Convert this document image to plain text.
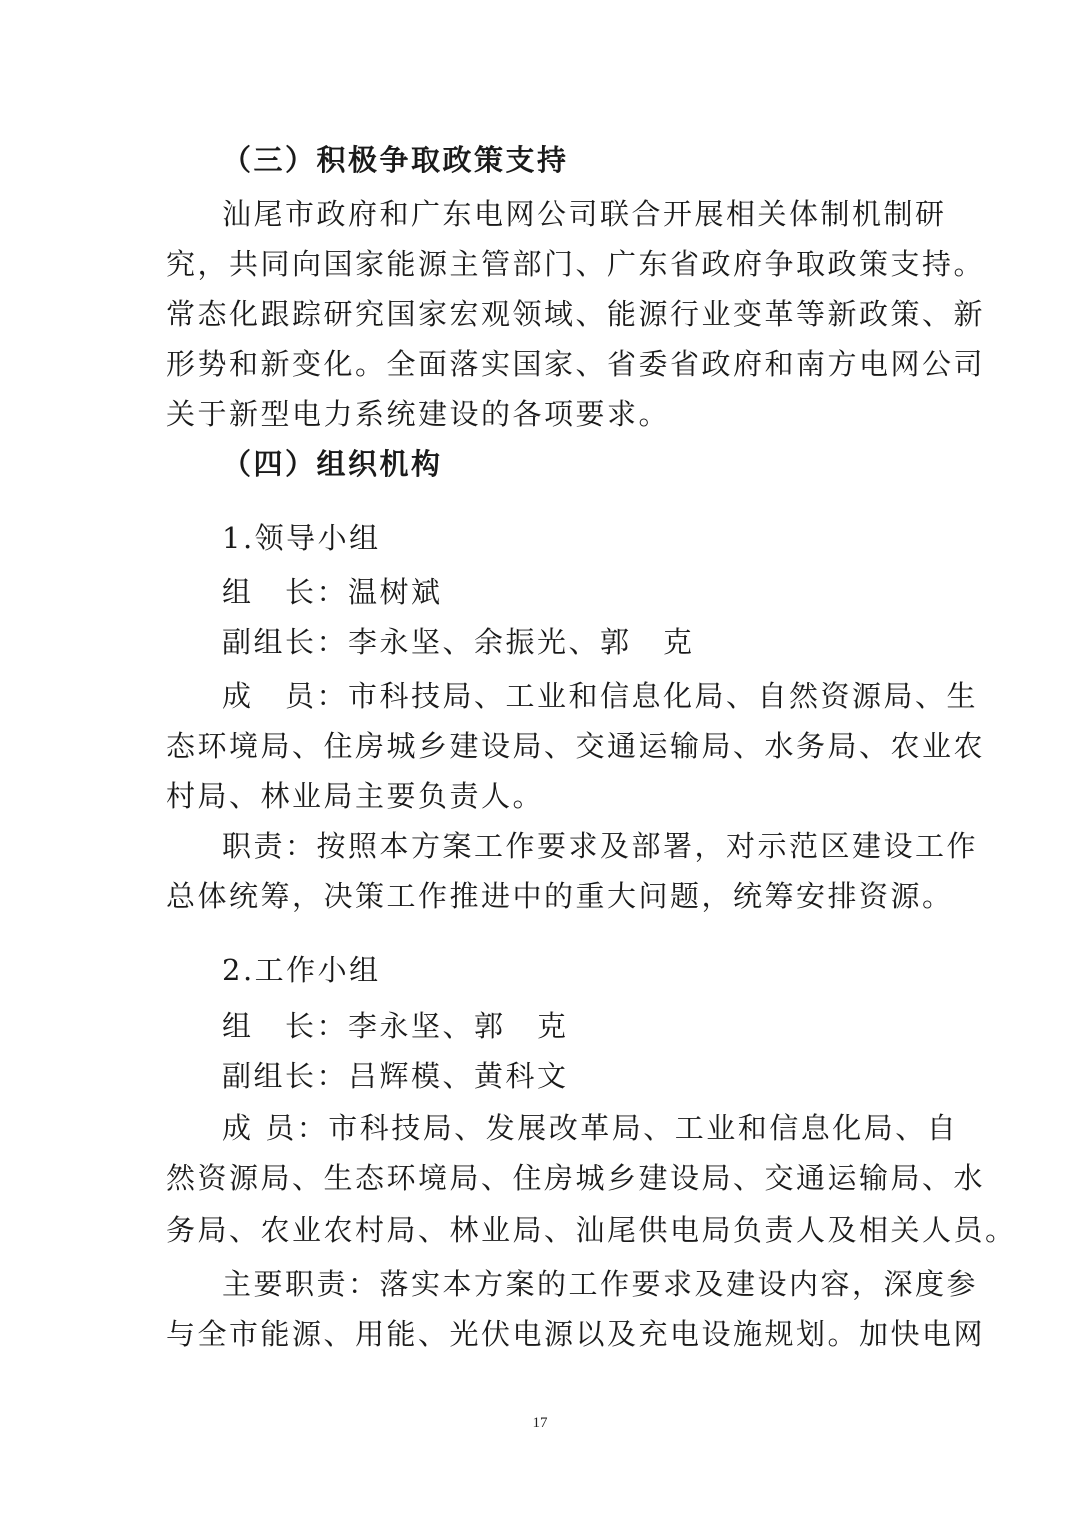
（三）积极争取政策支持
汕尾市政府和广东电网公司联合开展相关体制机制研
究，共同向国家能源主管部门、广东省政府争取政策支持。
常态化跟踪研究国家宏观领域、能源行业变革等新政策、新
形势和新变化。全面落实国家、省委省政府和南方电网公司
关于新型电力系统建设的各项要求。
（四）组织机构
1.领导小组
组　长：温树斌
副组长：李永坚、余振光、郭　克
成　员：市科技局、工业和信息化局、自然资源局、生
态环境局、住房城乡建设局、交通运输局、水务局、农业农
村局、林业局主要负责人。
职责：按照本方案工作要求及部署，对示范区建设工作
总体统筹，决策工作推进中的重大问题，统筹安排资源。
2.工作小组
组　长：李永坚、郭　克
副组长：吕辉模、黄科文
成 员：市科技局、发展改革局、工业和信息化局、自
然资源局、生态环境局、住房城乡建设局、交通运输局、水
务局、农业农村局、林业局、汕尾供电局负责人及相关人员。
主要职责：落实本方案的工作要求及建设内容，深度参
与全市能源、用能、光伏电源以及充电设施规划。加快电网
17
